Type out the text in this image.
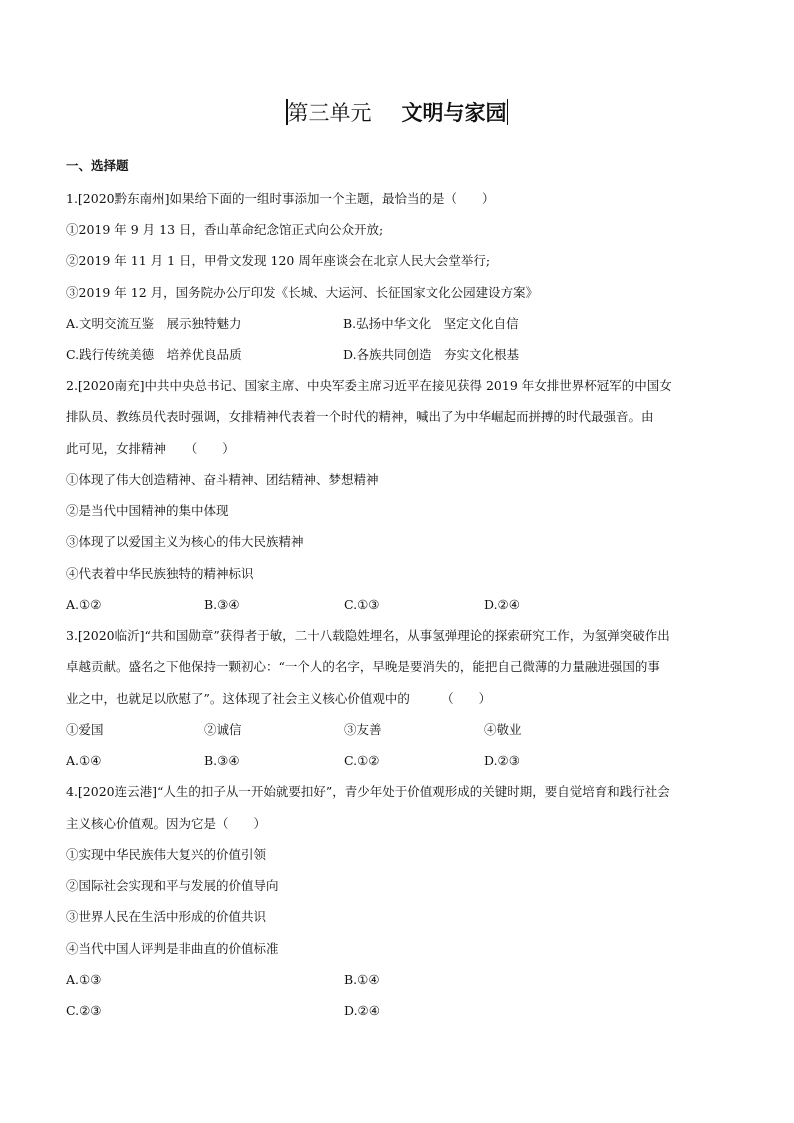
第三单元 文明与家园
一、选择题
1.[2020黔东南州]如果给下面的一组时事添加一个主题，最恰当的是（　　）
①2019 年 9 月 13 日，香山革命纪念馆正式向公众开放;
②2019 年 11 月 1 日，甲骨文发现 120 周年座谈会在北京人民大会堂举行;
③2019 年 12 月，国务院办公厅印发《长城、大运河、长征国家文化公园建设方案》
A.文明交流互鉴　展示独特魅力	B.弘扬中华文化　坚定文化自信
C.践行传统美德　培养优良品质	D.各族共同创造　夯实文化根基
2.[2020南充]中共中央总书记、国家主席、中央军委主席习近平在接见获得 2019 年女排世界杯冠军的中国女
排队员、教练员代表时强调，女排精神代表着一个时代的精神，喊出了为中华崛起而拼搏的时代最强音。由
此可见，女排精神　　（　　）
①体现了伟大创造精神、奋斗精神、团结精神、梦想精神
②是当代中国精神的集中体现
③体现了以爱国主义为核心的伟大民族精神
④代表着中华民族独特的精神标识
A.①②	B.③④	C.①③	D.②④
3.[2020临沂]“共和国勋章”获得者于敏，二十八载隐姓埋名，从事氢弹理论的探索研究工作，为氢弹突破作出
卓越贡献。盛名之下他保持一颗初心：“一个人的名字，早晚是要消失的，能把自己微薄的力量融进强国的事
业之中，也就足以欣慰了”。这体现了社会主义核心价值观中的　　　（　　）
①爱国	②诚信	③友善	④敬业
A.①④	B.③④	C.①②	D.②③
4.[2020连云港]“人生的扣子从一开始就要扣好”，青少年处于价值观形成的关键时期，要自觉培育和践行社会
主义核心价值观。因为它是（　　）
①实现中华民族伟大复兴的价值引领
②国际社会实现和平与发展的价值导向
③世界人民在生活中形成的价值共识
④当代中国人评判是非曲直的价值标准
A.①③	B.①④
C.②③	D.②④
